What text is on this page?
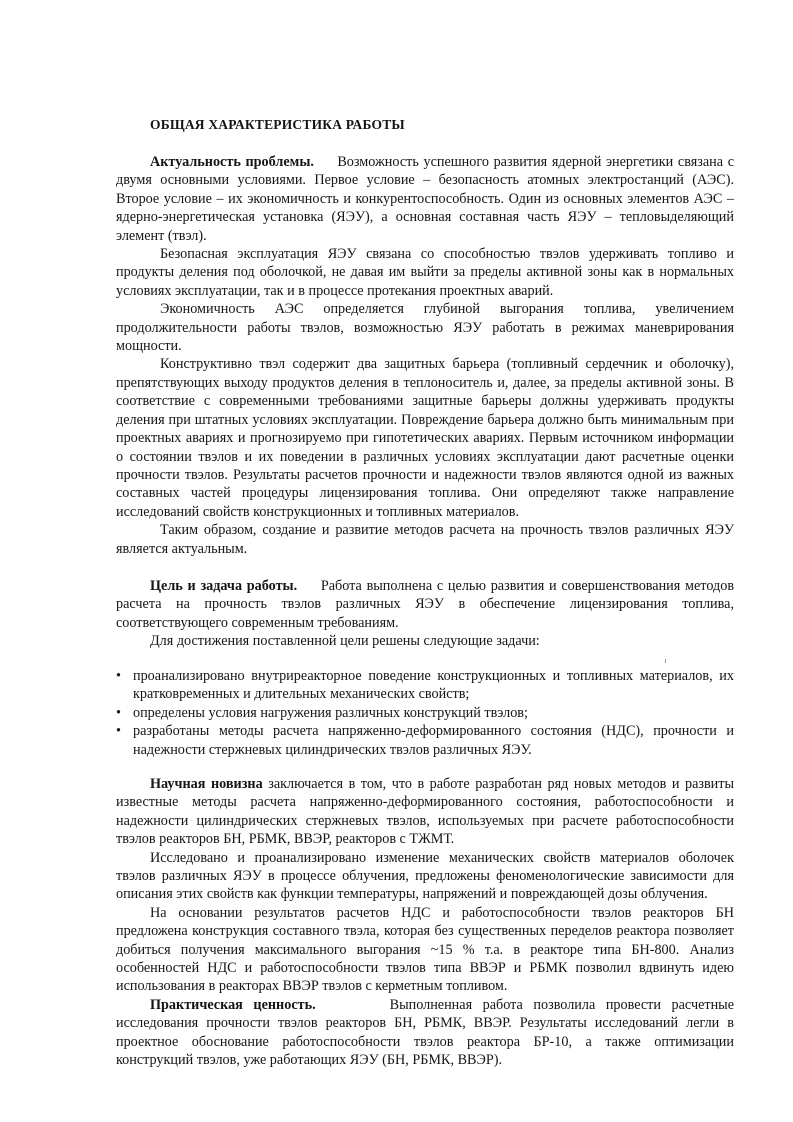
ОБЩАЯ ХАРАКТЕРИСТИКА РАБОТЫ

Актуальность проблемы. Возможность успешного развития ядерной энергетики связана с двумя основными условиями. Первое условие – безопасность атомных электростанций (АЭС). Второе условие – их экономичность и конкурентоспособность. Один из основных элементов АЭС – ядерно-энергетическая установка (ЯЭУ), а основная составная часть ЯЭУ – тепловыделяющий элемент (твэл).

Безопасная эксплуатация ЯЭУ связана со способностью твэлов удерживать топливо и продукты деления под оболочкой, не давая им выйти за пределы активной зоны как в нормальных условиях эксплуатации, так и в процессе протекания проектных аварий.

Экономичность АЭС определяется глубиной выгорания топлива, увеличением продолжительности работы твэлов, возможностью ЯЭУ работать в режимах маневрирования мощности.

Конструктивно твэл содержит два защитных барьера (топливный сердечник и оболочку), препятствующих выходу продуктов деления в теплоноситель и, далее, за пределы активной зоны. В соответствие с современными требованиями защитные барьеры должны удерживать продукты деления при штатных условиях эксплуатации. Повреждение барьера должно быть минимальным при проектных авариях и прогнозируемо при гипотетических авариях. Первым источником информации о состоянии твэлов и их поведении в различных условиях эксплуатации дают расчетные оценки прочности твэлов. Результаты расчетов прочности и надежности твэлов являются одной из важных составных частей процедуры лицензирования топлива. Они определяют также направление исследований свойств конструкционных и топливных материалов.

Таким образом, создание и развитие методов расчета на прочность твэлов различных ЯЭУ является актуальным.

Цель и задача работы. Работа выполнена с целью развития и совершенствования методов расчета на прочность твэлов различных ЯЭУ в обеспечение лицензирования топлива, соответствующего современным требованиям.

Для достижения поставленной цели решены следующие задачи:

• проанализировано внутриреакторное поведение конструкционных и топливных материалов, их кратковременных и длительных механических свойств;
• определены условия нагружения различных конструкций твэлов;
• разработаны методы расчета напряженно-деформированного состояния (НДС), прочности и надежности стержневых цилиндрических твэлов различных ЯЭУ.

Научная новизна заключается в том, что в работе разработан ряд новых методов и развиты известные методы расчета напряженно-деформированного состояния, работоспособности и надежности цилиндрических стержневых твэлов, используемых при расчете работоспособности твэлов реакторов БН, РБМК, ВВЭР, реакторов с ТЖМТ.

Исследовано и проанализировано изменение механических свойств материалов оболочек твэлов различных ЯЭУ в процессе облучения, предложены феноменологические зависимости для описания этих свойств как функции температуры, напряжений и повреждающей дозы облучения.

На основании результатов расчетов НДС и работоспособности твэлов реакторов БН предложена конструкция составного твэла, которая без существенных переделов реактора позволяет добиться получения максимального выгорания ~15 % т.а. в реакторе типа БН-800. Анализ особенностей НДС и работоспособности твэлов типа ВВЭР и РБМК позволил вдвинуть идею использования в реакторах ВВЭР твэлов с керметным топливом.

Практическая ценность.	Выполненная работа позволила провести расчетные исследования прочности твэлов реакторов БН, РБМК, ВВЭР. Результаты исследований легли в проектное обоснование работоспособности твэлов реактора БР-10, а также оптимизации конструкций твэлов, уже работающих ЯЭУ (БН, РБМК, ВВЭР).
